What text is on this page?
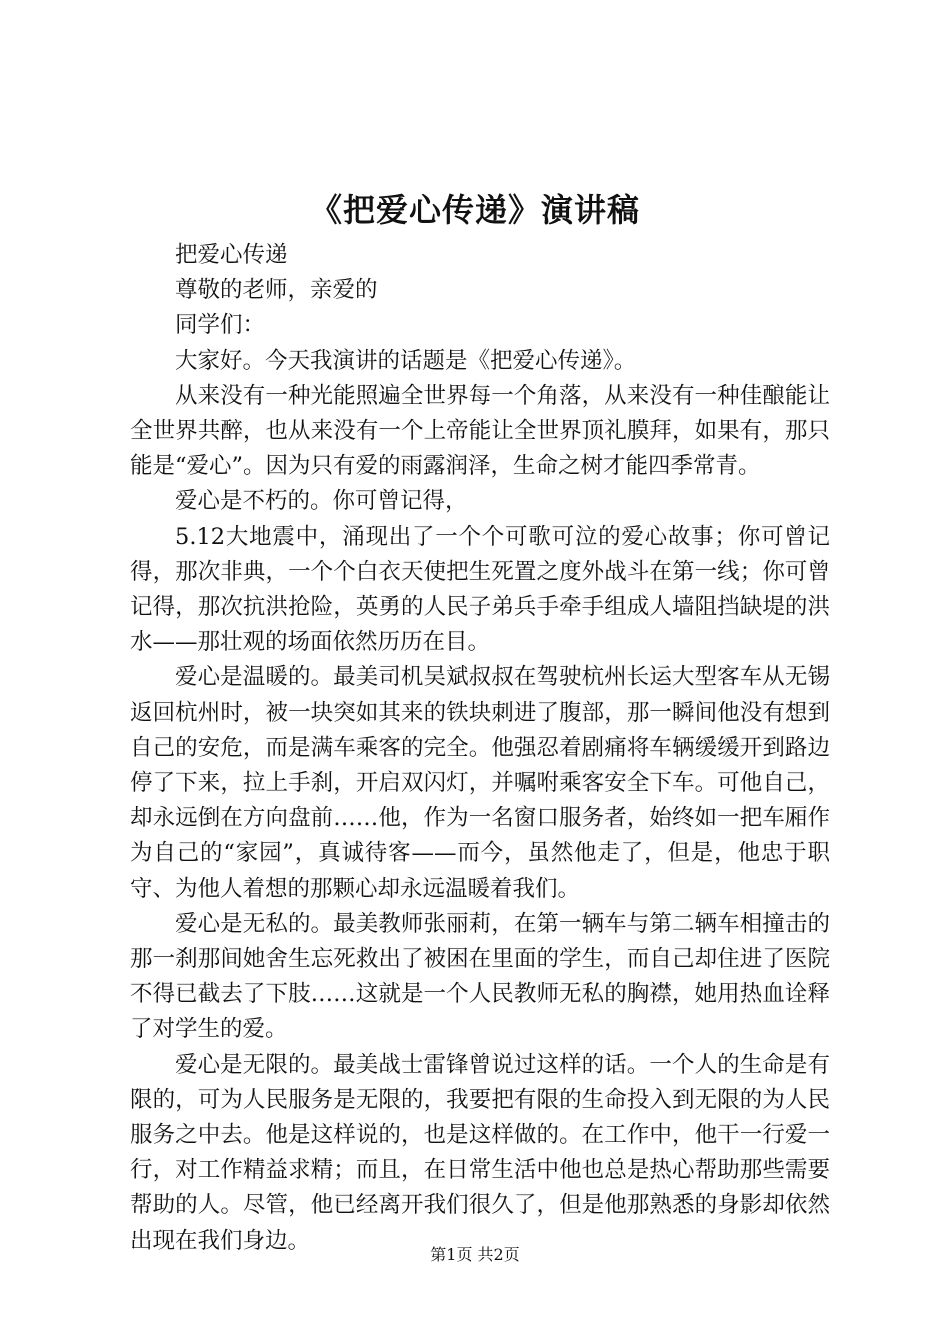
《把爱心传递》演讲稿

把爱心传递

尊敬的老师，亲爱的

同学们：

大家好。今天我演讲的话题是《把爱心传递》。

从来没有一种光能照遍全世界每一个角落，从来没有一种佳酿能让全世界共醉，也从来没有一个上帝能让全世界顶礼膜拜，如果有，那只能是“爱心”。因为只有爱的雨露润泽，生命之树才能四季常青。

爱心是不朽的。你可曾记得，

5.12大地震中，涌现出了一个个可歌可泣的爱心故事；你可曾记得，那次非典，一个个白衣天使把生死置之度外战斗在第一线；你可曾记得，那次抗洪抢险，英勇的人民子弟兵手牵手组成人墙阻挡缺堤的洪水——那壮观的场面依然历历在目。

爱心是温暖的。最美司机吴斌叔叔在驾驶杭州长运大型客车从无锡返回杭州时，被一块突如其来的铁块刺进了腹部，那一瞬间他没有想到自己的安危，而是满车乘客的完全。他强忍着剧痛将车辆缓缓开到路边停了下来，拉上手刹，开启双闪灯，并嘱咐乘客安全下车。可他自己，却永远倒在方向盘前……他，作为一名窗口服务者，始终如一把车厢作为自己的“家园”，真诚待客——而今，虽然他走了，但是，他忠于职守、为他人着想的那颗心却永远温暖着我们。

爱心是无私的。最美教师张丽莉，在第一辆车与第二辆车相撞击的那一刹那间她舍生忘死救出了被困在里面的学生，而自己却住进了医院不得已截去了下肢……这就是一个人民教师无私的胸襟，她用热血诠释了对学生的爱。

爱心是无限的。最美战士雷锋曾说过这样的话。一个人的生命是有限的，可为人民服务是无限的，我要把有限的生命投入到无限的为人民服务之中去。他是这样说的，也是这样做的。在工作中，他干一行爱一行，对工作精益求精；而且，在日常生活中他也总是热心帮助那些需要帮助的人。尽管，他已经离开我们很久了，但是他那熟悉的身影却依然出现在我们身边。

第1页 共2页
